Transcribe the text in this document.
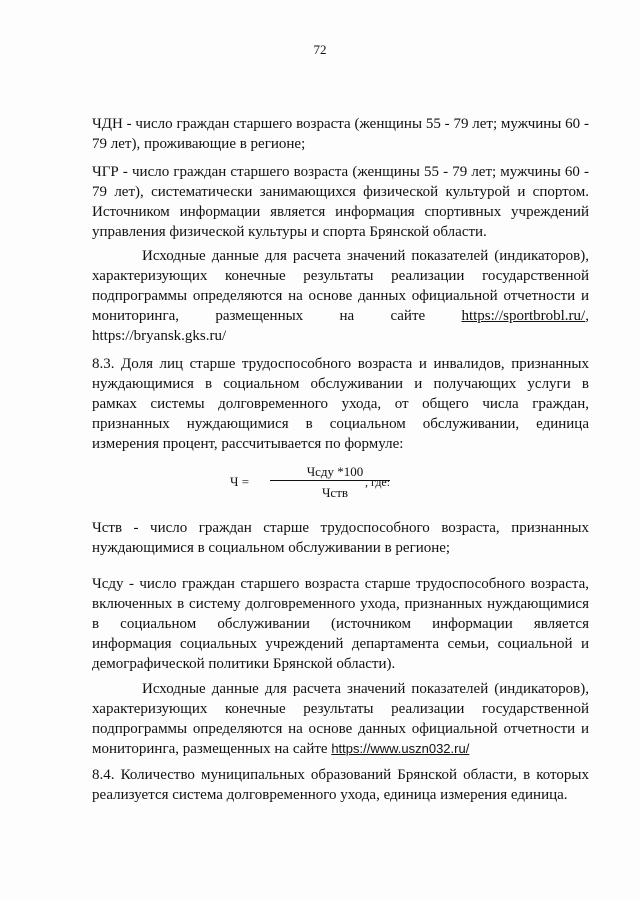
72
ЧДН - число граждан старшего возраста (женщины 55 - 79 лет; мужчины 60 -
79 лет), проживающие в регионе;
ЧГР - число граждан старшего возраста (женщины 55 - 79 лет; мужчины 60 -
79 лет), систематически занимающихся физической культурой и спортом.
Источником информации является информация спортивных учреждений
управления физической культуры и спорта Брянской области.
Исходные данные для расчета значений показателей (индикаторов),
характеризующих конечные результаты реализации государственной
подпрограммы определяются на основе данных официальной отчетности и
мониторинга, размещенных на сайте https://sportbrobl.ru/,
https://bryansk.gks.ru/
8.3. Доля лиц старше трудоспособного возраста и инвалидов, признанных
нуждающимися в социальном обслуживании и получающих услуги в
рамках системы долговременного ухода, от общего числа граждан,
признанных нуждающимися в социальном обслуживании, единица
измерения процент, рассчитывается по формуле:
Ч =
Чсду *100
Чств
, где:
Чств - число граждан старше трудоспособного возраста, признанных
нуждающимися в социальном обслуживании в регионе;
Чсду - число граждан старшего возраста старше трудоспособного возраста,
включенных в систему долговременного ухода, признанных нуждающимися
в социальном обслуживании (источником информации является
информация социальных учреждений департамента семьи, социальной и
демографической политики Брянской области).
Исходные данные для расчета значений показателей (индикаторов),
характеризующих конечные результаты реализации государственной
подпрограммы определяются на основе данных официальной отчетности и
мониторинга, размещенных на сайте https://www.uszn032.ru/
8.4. Количество муниципальных образований Брянской области, в которых
реализуется система долговременного ухода, единица измерения единица.
